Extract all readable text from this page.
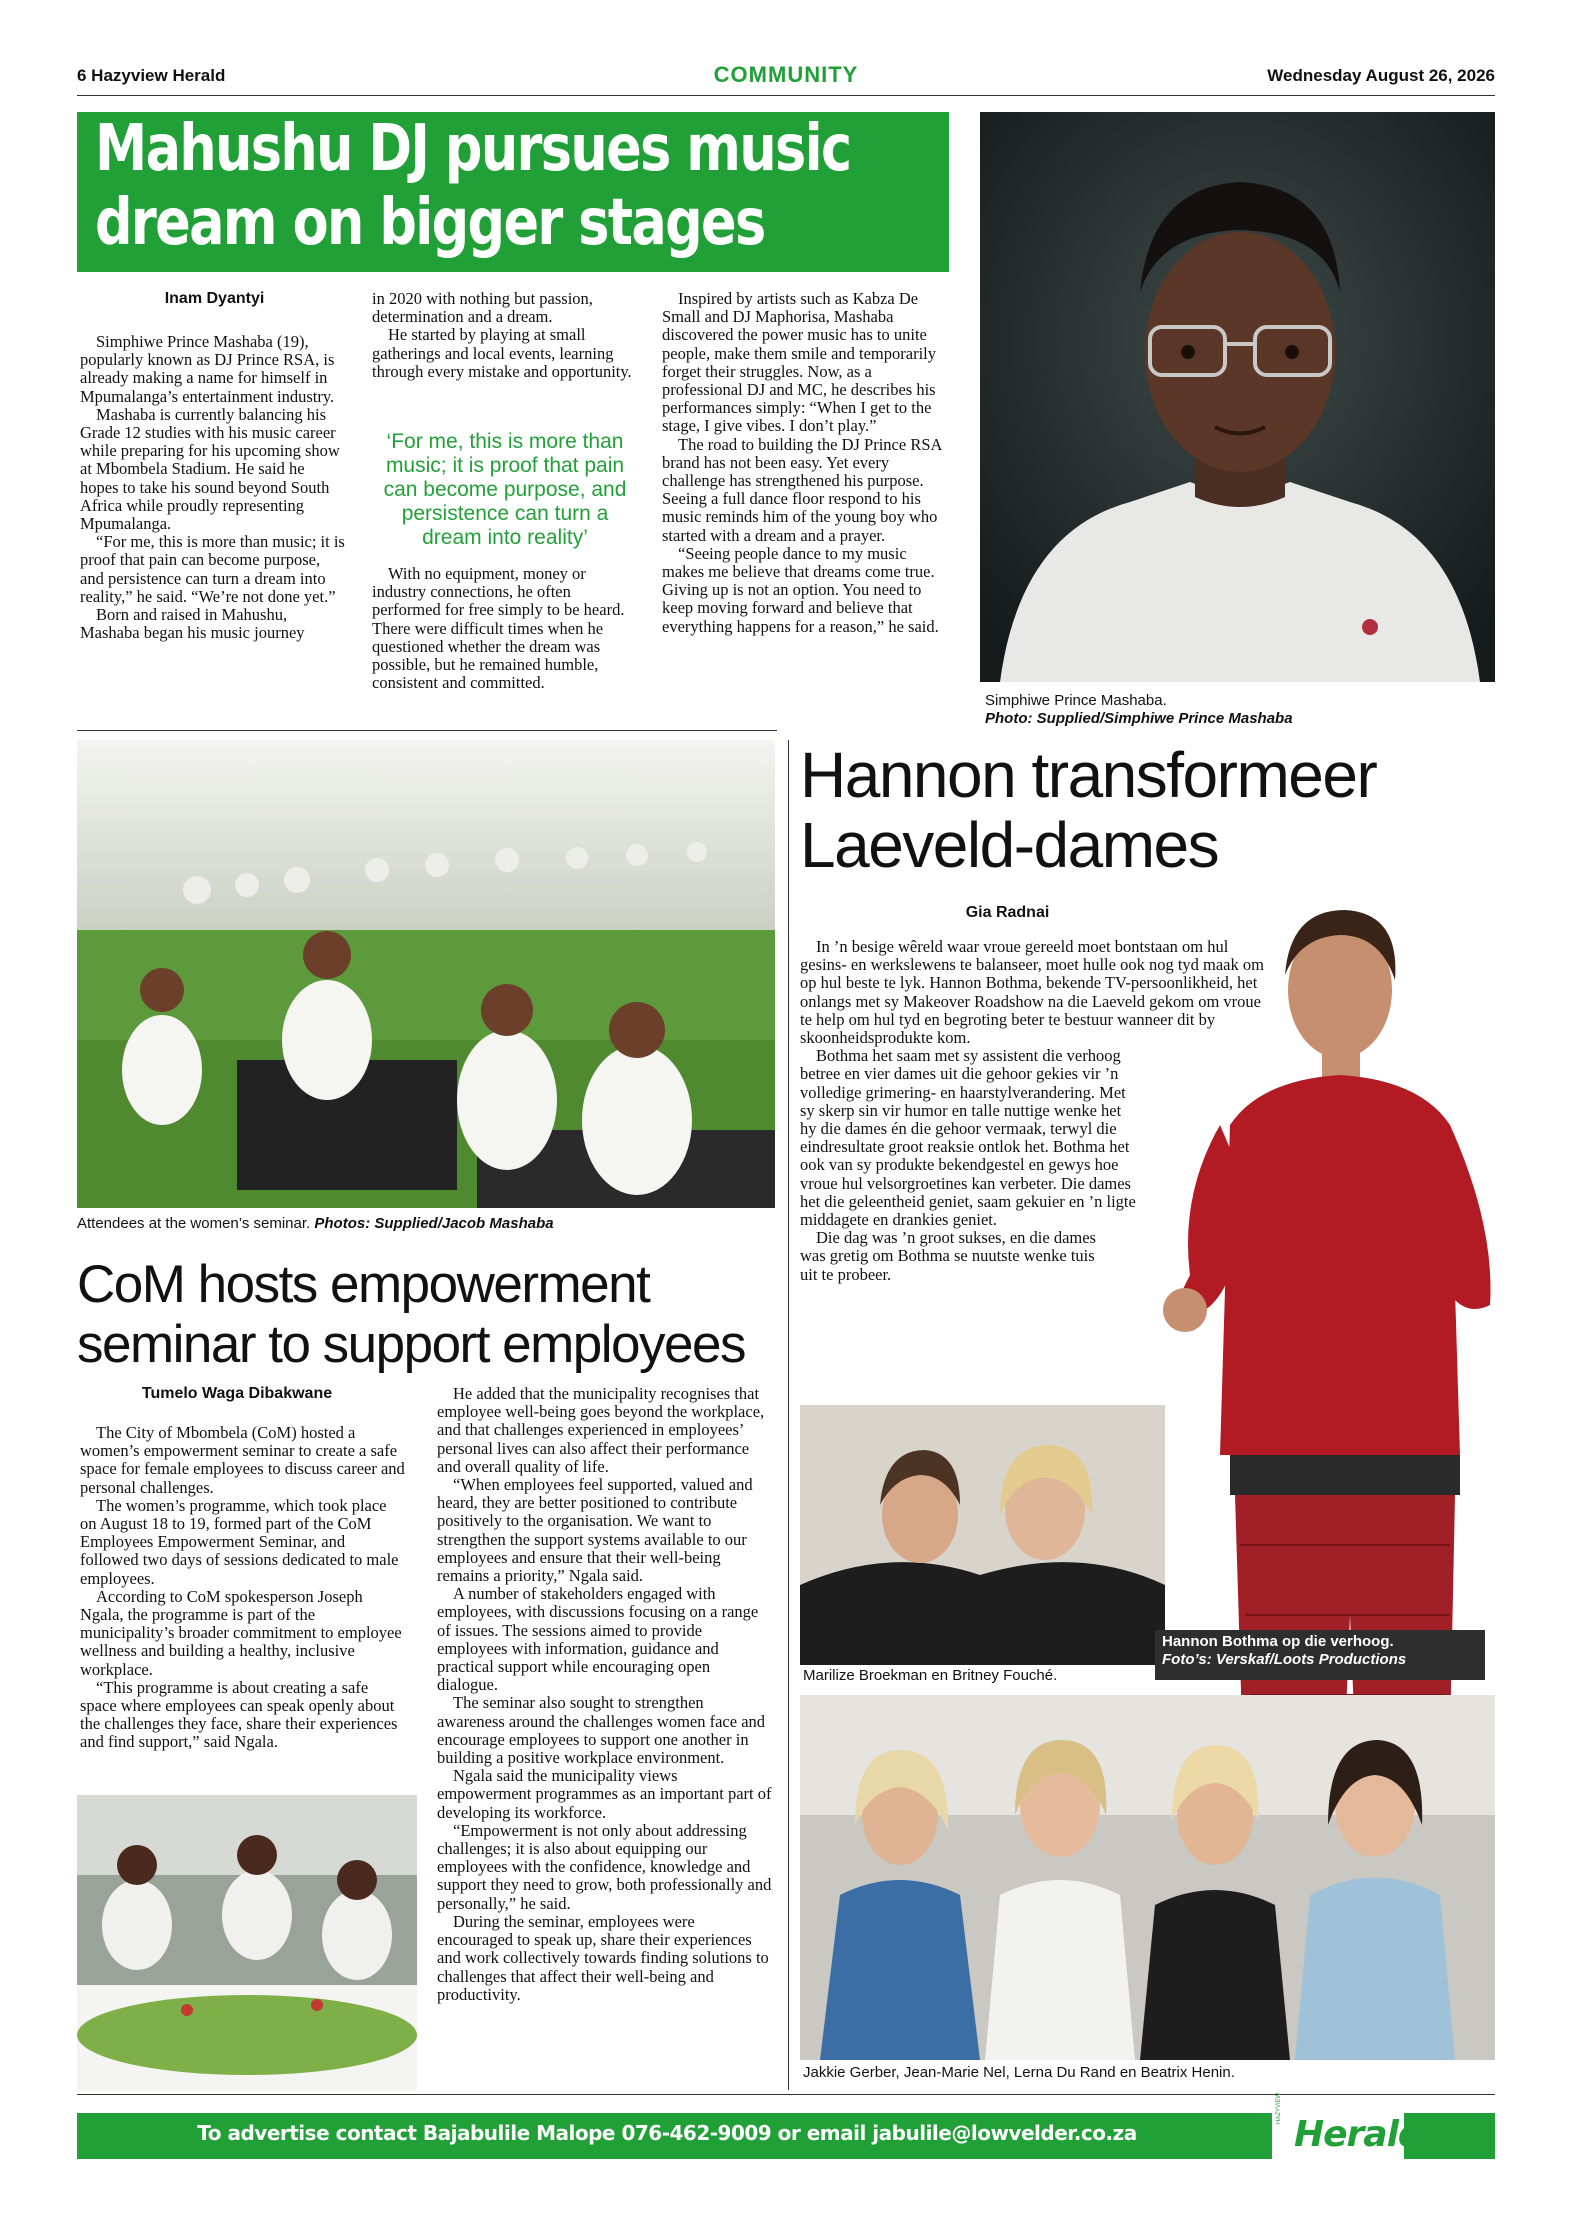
6 Hazyview Herald	COMMUNITY	Wednesday August 26, 2026
Mahushu DJ pursues music
dream on bigger stages
Simphiwe Prince Mashaba.
Photo: Supplied/Simphiwe Prince Mashaba
Inam Dyantyi

Simphiwe Prince Mashaba (19), popularly known as DJ Prince RSA, is already making a name for himself in Mpumalanga’s entertainment industry.

Mashaba is currently balancing his Grade 12 studies with his music career while preparing for his upcoming show at Mbombela Stadium. He said he hopes to take his sound beyond South Africa while proudly representing Mpumalanga.

“For me, this is more than music; it is proof that pain can become purpose, and persistence can turn a dream into reality,” he said. “We’re not done yet.”

Born and raised in Mahushu, Mashaba began his music journey

in 2020 with nothing but passion, determination and a dream.

He started by playing at small gatherings and local events, learning through every mistake and opportunity.

‘For me, this is more than music; it is proof that pain can become purpose, and persistence can turn a dream into reality’

With no equipment, money or industry connections, he often performed for free simply to be heard. There were difficult times when he questioned whether the dream was possible, but he remained humble, consistent and committed.

Inspired by artists such as Kabza De Small and DJ Maphorisa, Mashaba discovered the power music has to unite people, make them smile and temporarily forget their struggles. Now, as a professional DJ and MC, he describes his performances simply: “When I get to the stage, I give vibes. I don’t play.”

The road to building the DJ Prince RSA brand has not been easy. Yet every challenge has strengthened his purpose. Seeing a full dance floor respond to his music reminds him of the young boy who started with a dream and a prayer.

“Seeing people dance to my music makes me believe that dreams come true. Giving up is not an option. You need to keep moving forward and believe that everything happens for a reason,” he said.

Attendees at the women’s seminar. Photos: Supplied/Jacob Mashaba
CoM hosts empowerment
seminar to support employees
Tumelo Waga Dibakwane

The City of Mbombela (CoM) hosted a women’s empowerment seminar to create a safe space for female employees to discuss career and personal challenges.

The women’s programme, which took place on August 18 to 19, formed part of the CoM Employees Empowerment Seminar, and followed two days of sessions dedicated to male employees.

According to CoM spokesperson Joseph Ngala, the programme is part of the municipality’s broader commitment to employee wellness and building a healthy, inclusive workplace.

“This programme is about creating a safe space where employees can speak openly about the challenges they face, share their experiences and find support,” said Ngala.

He added that the municipality recognises that employee well-being goes beyond the workplace, and that challenges experienced in employees’ personal lives can also affect their performance and overall quality of life.

“When employees feel supported, valued and heard, they are better positioned to contribute positively to the organisation. We want to strengthen the support systems available to our employees and ensure that their well-being remains a priority,” Ngala said.

A number of stakeholders engaged with employees, with discussions focusing on a range of issues. The sessions aimed to provide employees with information, guidance and practical support while encouraging open dialogue.

The seminar also sought to strengthen awareness around the challenges women face and encourage employees to support one another in building a positive workplace environment.

Ngala said the municipality views empowerment programmes as an important part of developing its workforce.

“Empowerment is not only about addressing challenges; it is also about equipping our employees with the confidence, knowledge and support they need to grow, both professionally and personally,” he said.

During the seminar, employees were encouraged to speak up, share their experiences and work collectively towards finding solutions to challenges that affect their well-being and productivity.

Hannon transformeer
Laeveld-dames
Gia Radnai

In ’n besige wêreld waar vroue gereeld moet bontstaan om hul gesins- en werkslewens te balanseer, moet hulle ook nog tyd maak om op hul beste te lyk. Hannon Bothma, bekende TV-persoonlikheid, het onlangs met sy Makeover Roadshow na die Laeveld gekom om vroue te help om hul tyd en begroting beter te bestuur wanneer dit by skoonheidsprodukte kom.

Bothma het saam met sy assistent die verhoog betree en vier dames uit die gehoor gekies vir ’n volledige grimering- en haarstylverandering. Met sy skerp sin vir humor en talle nuttige wenke het hy die dames én die gehoor vermaak, terwyl die eindresultate groot reaksie ontlok het. Bothma het ook van sy produkte bekendgestel en gewys hoe vroue hul velsorgroetines kan verbeter. Die dames het die geleentheid geniet, saam gekuier en ’n ligte middagete en drankies geniet.

Die dag was ’n groot sukses, en die dames was gretig om Bothma se nuutste wenke tuis uit te probeer.

Marilize Broekman en Britney Fouché.
Hannon Bothma op die verhoog.
Foto’s: Verskaf/Loots Productions
Jakkie Gerber, Jean-Marie Nel, Lerna Du Rand en Beatrix Henin.
To advertise contact Bajabulile Malope 076-462-9009 or email jabulile@lowvelder.co.za
HAZYVIEW
Herald
